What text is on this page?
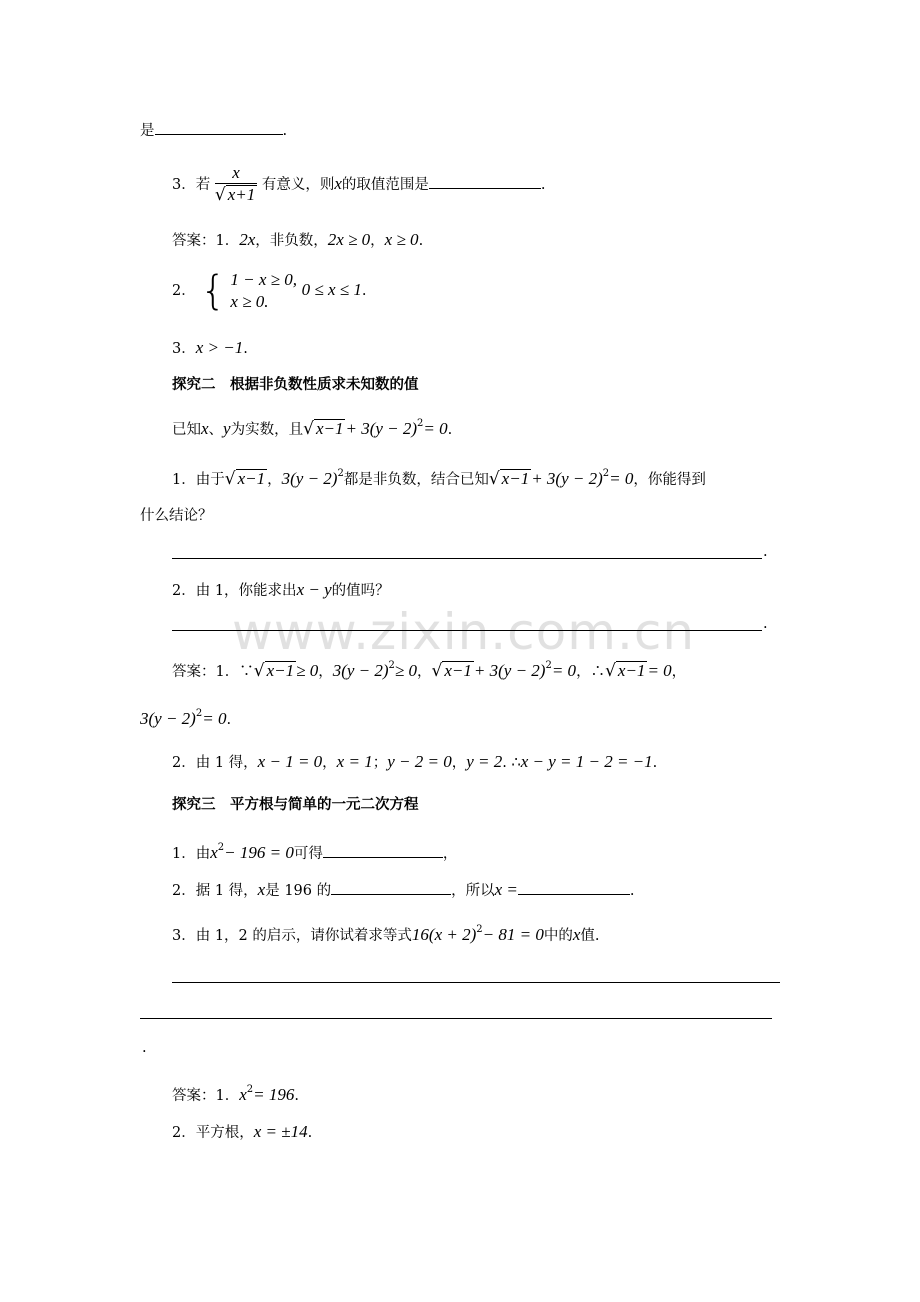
www.zixin.com.cn
是	.
3．若 $\frac{x}{√ x+1}$ 有意义，则x的取值范围是	.
答案：1．2x，非负数，2x ≥ 0，x ≥ 0.
2． { 1 − x ≥ 0,
x ≥ 0.
0 ≤ x ≤ 1.
3．x > −1.
探究二　根据非负数性质求未知数的值
已知x、y为实数，且√ $x-1 + 3(y - 2)^2= 0$.
1．由于√ x−1 ，$3(y - 2)^2$都是非负数，结合已知√ $x-1 + 3(y - 2)^2= 0$，你能得到
什么结论？
.
2．由 1，你能求出x − y的值吗？
.
答案：1．∵√ x−1 ≥ 0，$3(y - 2)^2\ge 0$，√ $x-1 + 3(y - 2)^2= 0$，∴√ x−1 = 0，
$3(y - 2)^2= 0$.
2．由 1 得，x − 1 = 0，x = 1；y − 2 = 0，y = 2. ∴x − y = 1 − 2 = −1.
探究三　平方根与简单的一元二次方程
1．由$x^2- 196 = 0$可得	，
2．据 1 得，x是 196 的	，所以x =	.
3．由 1，2 的启示，请你试着求等式$16(x + 2)^2- 81 = 0$中的x值.
.
答案：1．$x^2= 196$.
2．平方根，x = ±14.
